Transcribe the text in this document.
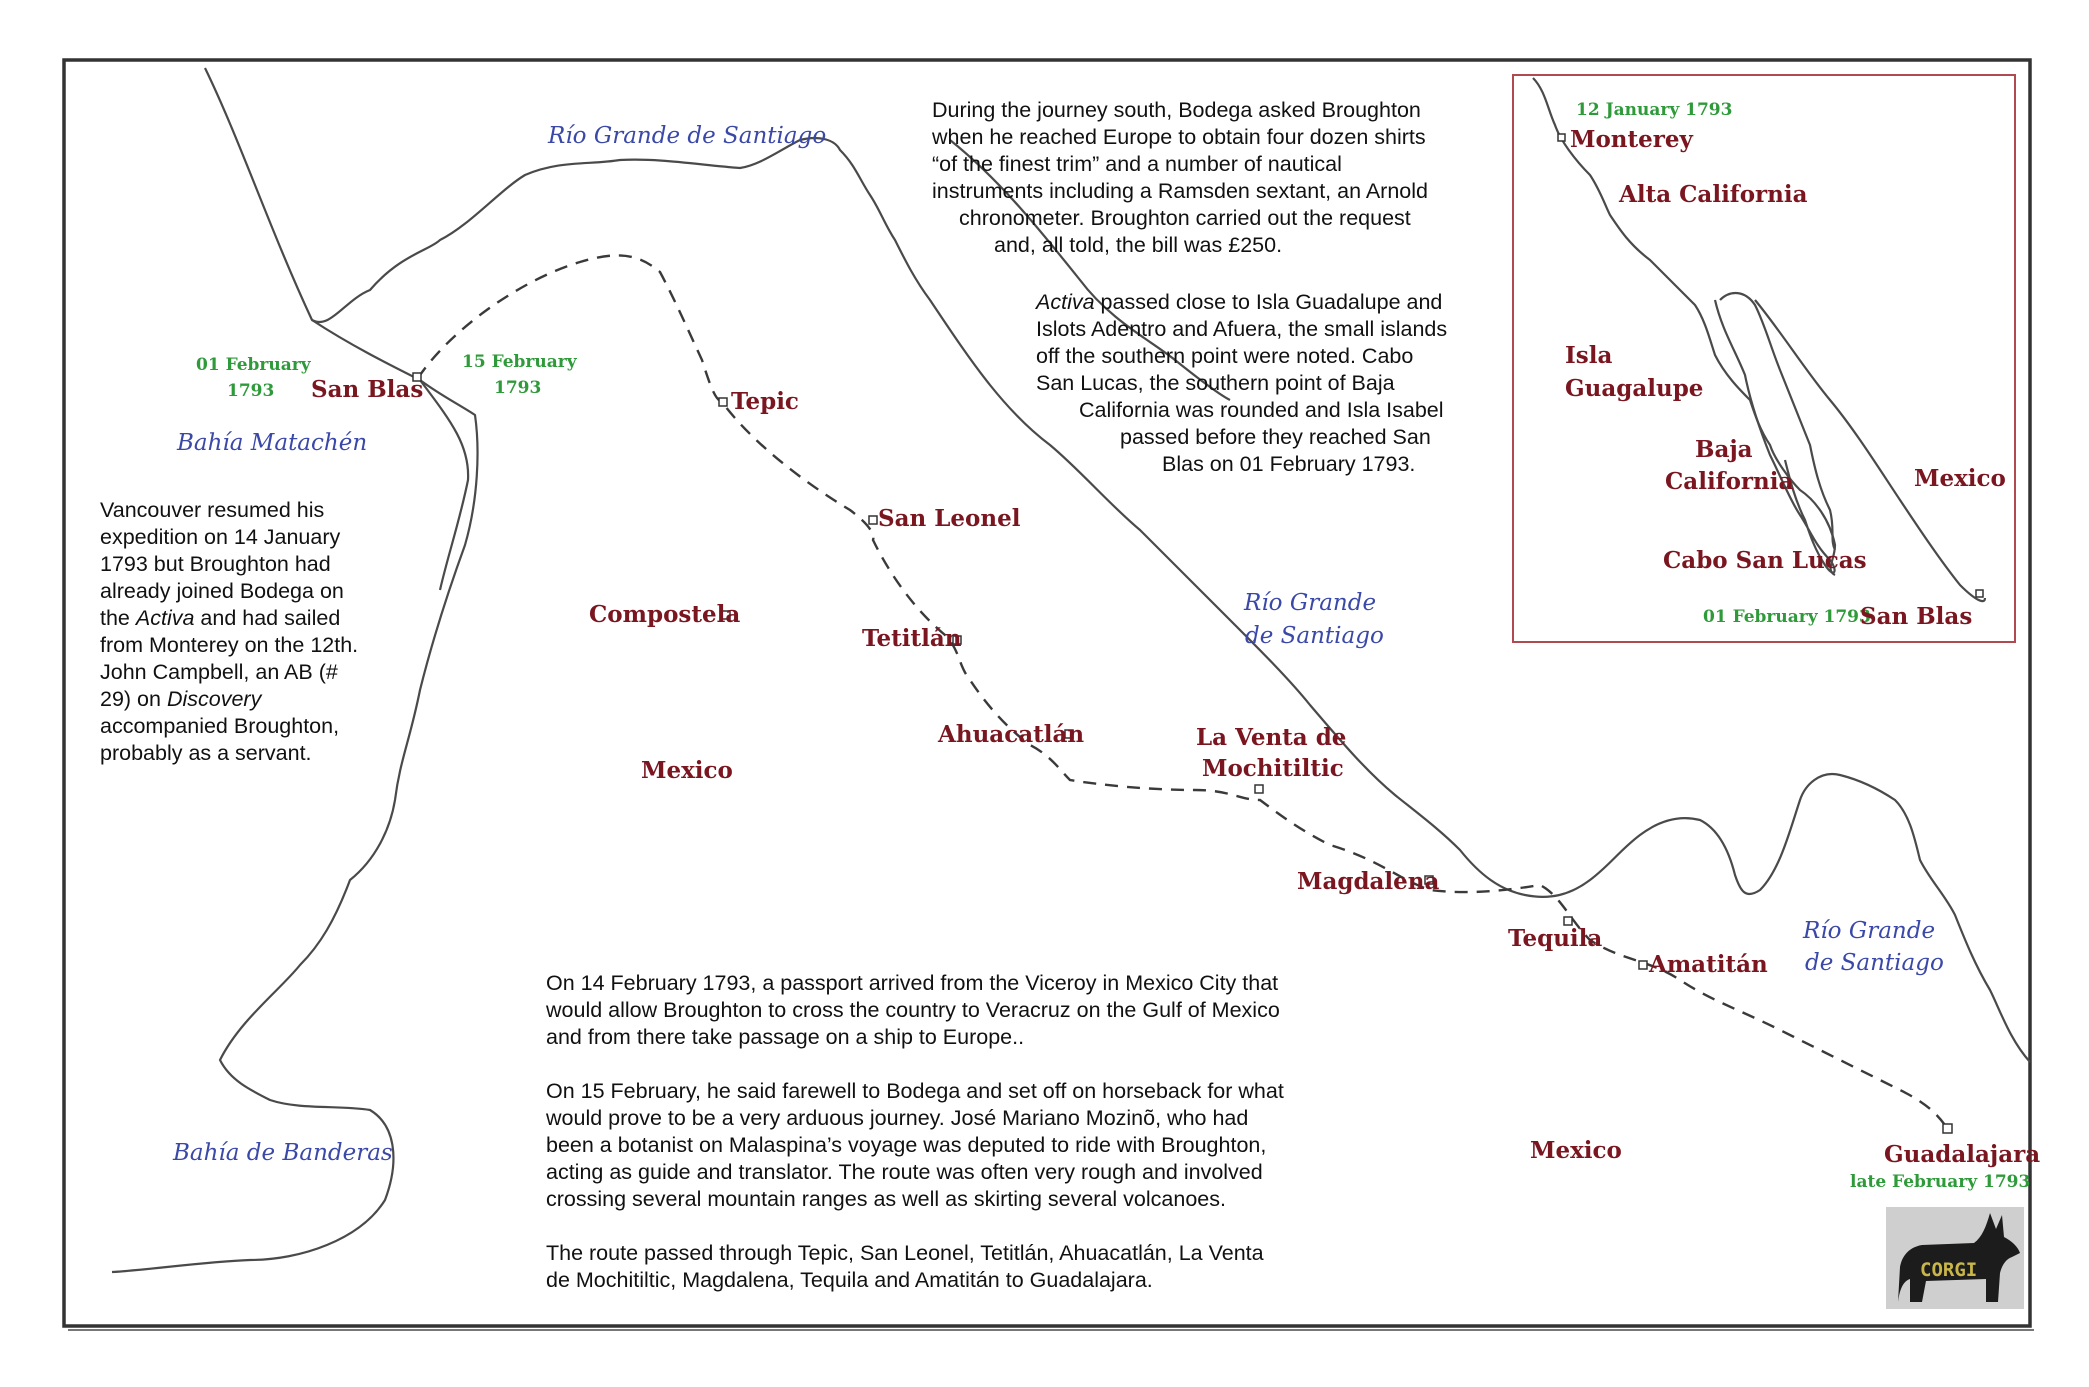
San Blas	Tepic
San Leonel
Compostela
Tetitlán
Ahuacatlán	La Venta de
Mochitiltic
Mexico
Magdalena
Tequila
Amatitán
Mexico	Guadalajara
Río Grande de Santiago
Bahía Matachén
Río Grande
de Santiago
Río Grande
de Santiago
Bahía de Banderas
01 February
1793
15 February
1793
late February 1793
12 January 1793
Monterey
Alta California
Isla
Guagalupe
Baja
California	Mexico
Cabo San Lucas
01 February 1793
San Blas

During the journey south, Bodega asked Broughton

when he reached Europe to obtain four dozen shirts

“of the finest trim” and a number of nautical

instruments including a Ramsden sextant, an Arnold

chronometer. Broughton carried out the request

and, all told, the bill was £250.

Activa passed close to Isla Guadalupe and

Islots Adentro and Afuera, the small islands

off the southern point were noted. Cabo

San Lucas, the southern point of Baja

California was rounded and Isla Isabel

passed before they reached San

Blas on 01 February 1793.

Vancouver resumed his

expedition on 14 January

1793 but Broughton had

already joined Bodega on

the Activa and had sailed

from Monterey on the 12th.

John Campbell, an AB (#

29) on Discovery

accompanied Broughton,

probably as a servant.

On 14 February 1793, a passport arrived from the Viceroy in Mexico City that

would allow Broughton to cross the country to Veracruz on the Gulf of Mexico

and from there take passage on a ship to Europe..

On 15 February, he said farewell to Bodega and set off on horseback for what

would prove to be a very arduous journey. José Mariano Mozinõ, who had

been a botanist on Malaspina’s voyage was deputed to ride with Broughton,

acting as guide and translator. The route was often very rough and involved

crossing several mountain ranges as well as skirting several volcanoes.

The route passed through Tepic, San Leonel, Tetitlán, Ahuacatlán, La Venta

de Mochitiltic, Magdalena, Tequila and Amatitán to Guadalajara.	CORGI
